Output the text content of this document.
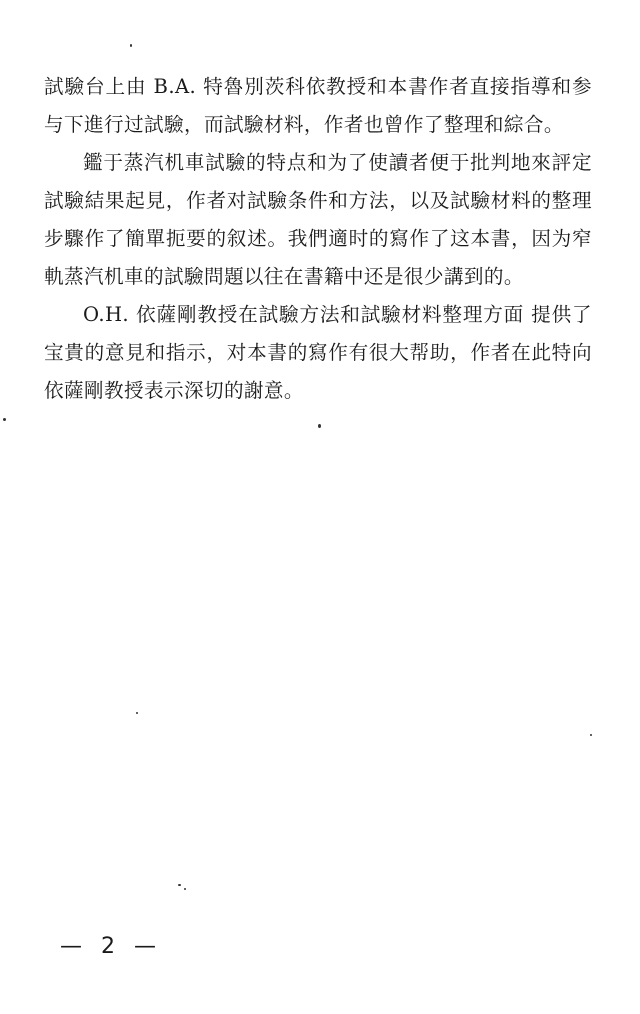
試驗台上由 B.A. 特魯別茨科依教授和本書作者直接指導和参与下進行过試驗，而試驗材料，作者也曾作了整理和綜合。

鑑于蒸汽机車試驗的特点和为了使讀者便于批判地來評定試驗結果起見，作者对試驗条件和方法，以及試驗材料的整理步驟作了簡單扼要的叙述。我們適时的寫作了这本書，因为窄軌蒸汽机車的試驗問題以往在書籍中还是很少講到的。

O.H. 依薩剛教授在試驗方法和試驗材料整理方面 提供了宝貴的意見和指示，对本書的寫作有很大帮助，作者在此特向依薩剛教授表示深切的謝意。

— 2 —
